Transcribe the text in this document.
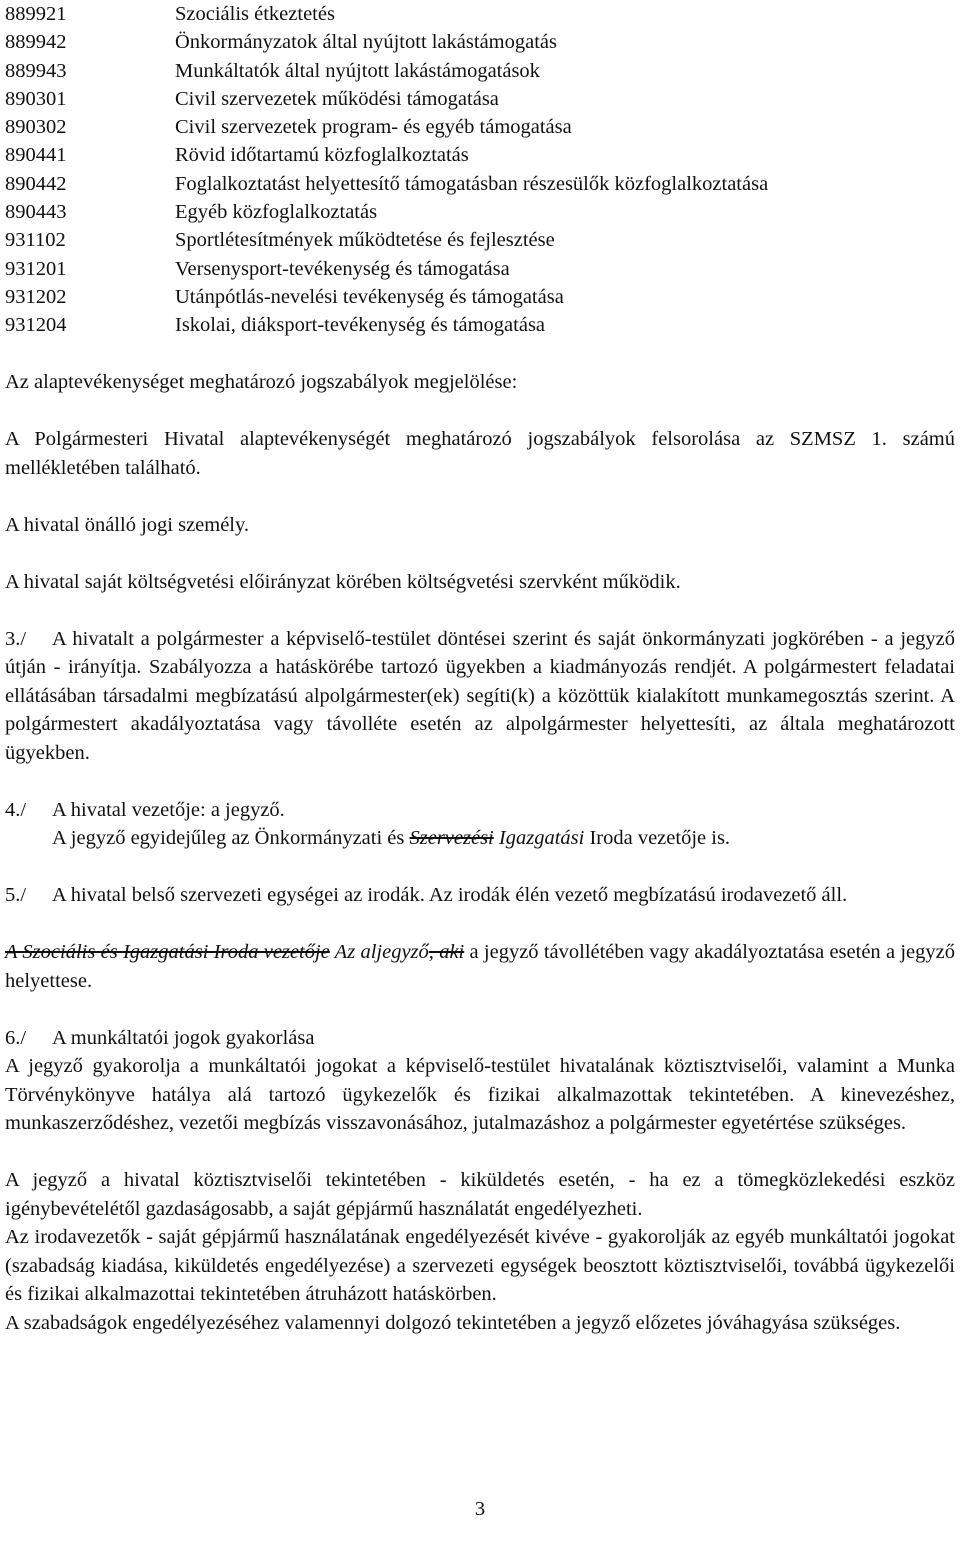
889921	Szociális étkeztetés
889942	Önkormányzatok által nyújtott lakástámogatás
889943	Munkáltatók által nyújtott lakástámogatások
890301	Civil szervezetek működési támogatása
890302	Civil szervezetek program- és egyéb támogatása
890441	Rövid időtartamú közfoglalkoztatás
890442	Foglalkoztatást helyettesítő támogatásban részesülők közfoglalkoztatása
890443	Egyéb közfoglalkoztatás
931102	Sportlétesítmények működtetése és fejlesztése
931201	Versenysport-tevékenység és támogatása
931202	Utánpótlás-nevelési tevékenység és támogatása
931204	Iskolai, diáksport-tevékenység és támogatása

Az alaptevékenységet meghatározó jogszabályok megjelölése:

A Polgármesteri Hivatal alaptevékenységét meghatározó jogszabályok felsorolása az SZMSZ 1. számú mellékletében található.

A hivatal önálló jogi személy.

A hivatal saját költségvetési előirányzat körében költségvetési szervként működik.

3./ A hivatalt a polgármester a képviselő-testület döntései szerint és saját önkormányzati jogkörében - a jegyző útján - irányítja. Szabályozza a hatáskörébe tartozó ügyekben a kiadmányozás rendjét. A polgármestert feladatai ellátásában társadalmi megbízatású alpolgármester(ek) segíti(k) a közöttük kialakított munkamegosztás szerint. A polgármestert akadályoztatása vagy távolléte esetén az alpolgármester helyettesíti, az általa meghatározott ügyekben.

4./ A hivatal vezetője: a jegyző.

A jegyző egyidejűleg az Önkormányzati és Szervezési Igazgatási Iroda vezetője is.

5./ A hivatal belső szervezeti egységei az irodák. Az irodák élén vezető megbízatású irodavezető áll.

A Szociális és Igazgatási Iroda vezetője Az aljegyző, aki a jegyző távollétében vagy akadályoztatása esetén a jegyző helyettese.

6./ A munkáltatói jogok gyakorlása

A jegyző gyakorolja a munkáltatói jogokat a képviselő-testület hivatalának köztisztviselői, valamint a Munka Törvénykönyve hatálya alá tartozó ügykezelők és fizikai alkalmazottak tekintetében. A kinevezéshez, munkaszerződéshez, vezetői megbízás visszavonásához, jutalmazáshoz a polgármester egyetértése szükséges.

A jegyző a hivatal köztisztviselői tekintetében - kiküldetés esetén, - ha ez a tömegközlekedési eszköz igénybevételétől gazdaságosabb, a saját gépjármű használatát engedélyezheti.

Az irodavezetők - saját gépjármű használatának engedélyezését kivéve - gyakorolják az egyéb munkáltatói jogokat (szabadság kiadása, kiküldetés engedélyezése) a szervezeti egységek beosztott köztisztviselői, továbbá ügykezelői és fizikai alkalmazottai tekintetében átruházott hatáskörben.

A szabadságok engedélyezéséhez valamennyi dolgozó tekintetében a jegyző előzetes jóváhagyása szükséges.

3
